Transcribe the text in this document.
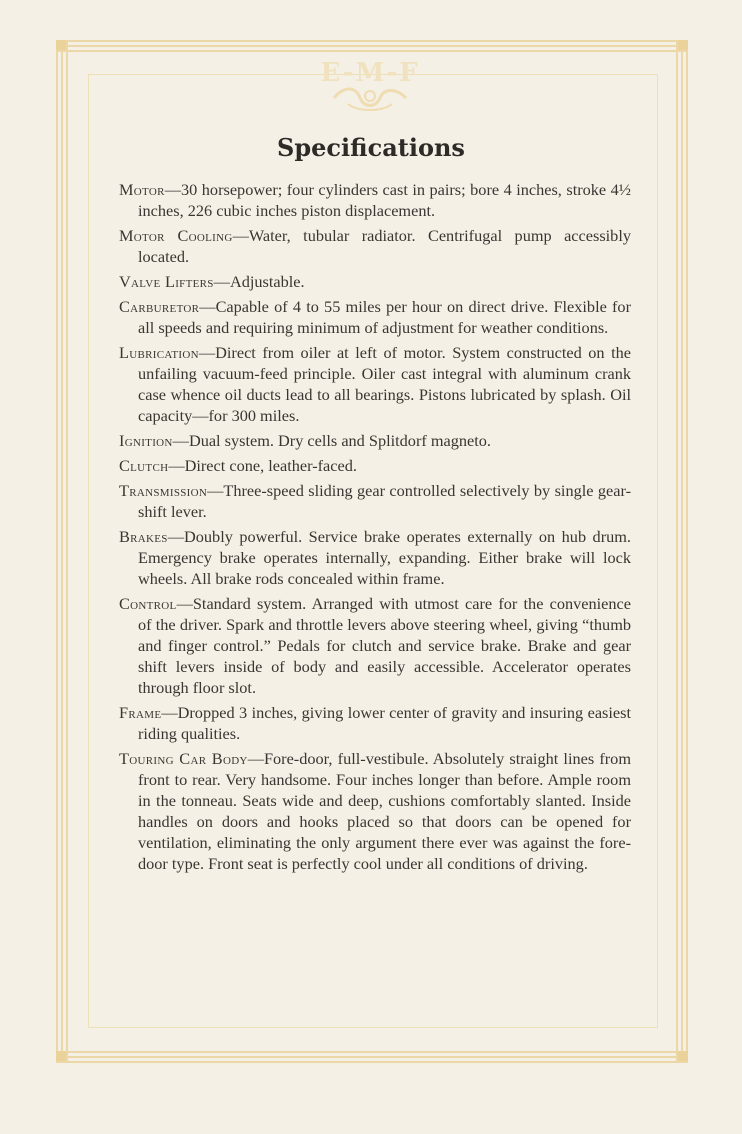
E-M-F
Specifications

Motor—30 horsepower; four cylinders cast in pairs; bore 4 inches, stroke 4½ inches, 226 cubic inches piston displacement.

Motor Cooling—Water, tubular radiator. Centrifugal pump accessibly located.

Valve Lifters—Adjustable.

Carburetor—Capable of 4 to 55 miles per hour on direct drive. Flexible for all speeds and requiring minimum of adjustment for weather conditions.

Lubrication—Direct from oiler at left of motor. System constructed on the unfailing vacuum-feed principle. Oiler cast integral with aluminum crank case whence oil ducts lead to all bearings. Pistons lubricated by splash. Oil capacity—for 300 miles.

Ignition—Dual system. Dry cells and Splitdorf magneto.

Clutch—Direct cone, leather-faced.

Transmission—Three-speed sliding gear controlled selectively by single gear-shift lever.

Brakes—Doubly powerful. Service brake operates externally on hub drum. Emergency brake operates internally, expanding. Either brake will lock wheels. All brake rods concealed within frame.

Control—Standard system. Arranged with utmost care for the convenience of the driver. Spark and throttle levers above steering wheel, giving “thumb and finger control.” Pedals for clutch and service brake. Brake and gear shift levers inside of body and easily accessible. Accelerator operates through floor slot.

Frame—Dropped 3 inches, giving lower center of gravity and insuring easiest riding qualities.

Touring Car Body—Fore-door, full-vestibule. Absolutely straight lines from front to rear. Very handsome. Four inches longer than before. Ample room in the tonneau. Seats wide and deep, cushions comfortably slanted. Inside handles on doors and hooks placed so that doors can be opened for ventilation, eliminating the only argument there ever was against the fore-door type. Front seat is perfectly cool under all conditions of driving.
